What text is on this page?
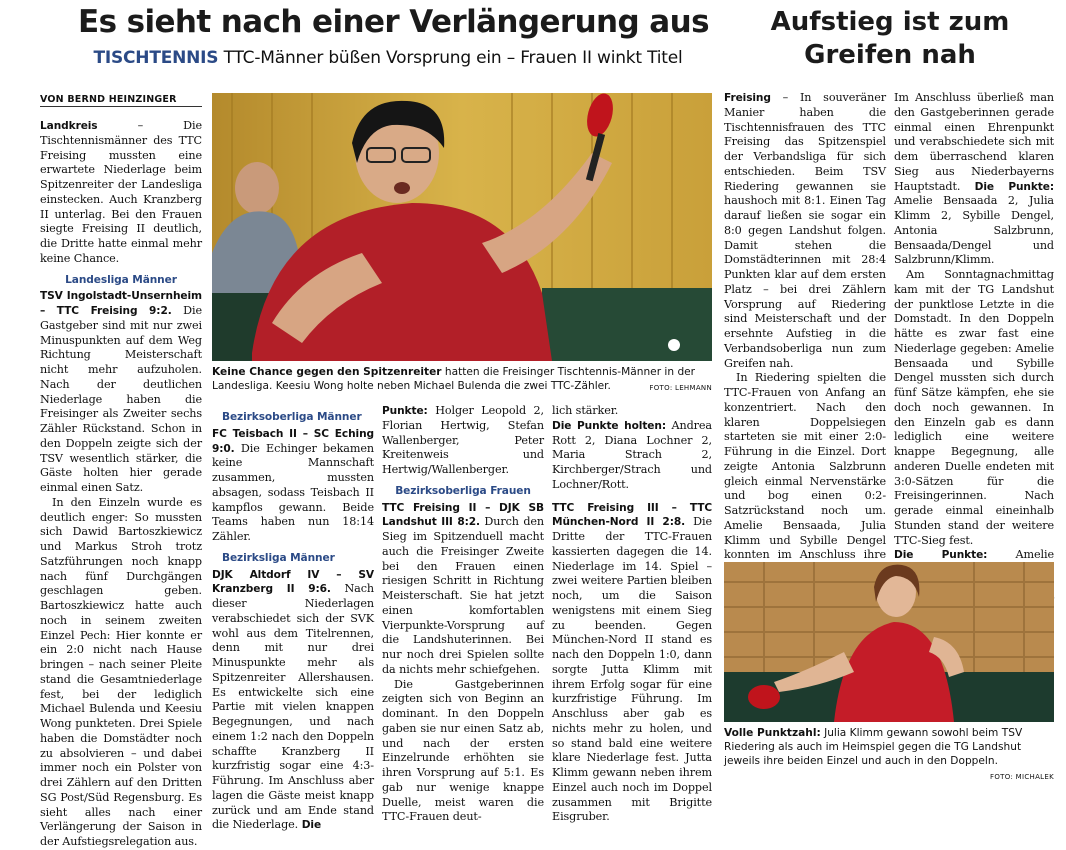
Es sieht nach einer Verlängerung aus
TISCHTENNIS TTC-Männer büßen Vorsprung ein – Frauen II winkt Titel
Aufstieg ist zum
Greifen nah
VON BERND HEINZINGER

Landkreis – Die Tischtennismänner des TTC Freising mussten eine erwartete Niederlage beim Spitzenreiter der Landesliga einstecken. Auch Kranzberg II unterlag. Bei den Frauen siegte Freising II deutlich, die Dritte hatte einmal mehr keine Chance.

Landesliga Männer

TSV Ingolstadt-Unsernheim – TTC Freising 9:2. Die Gastgeber sind mit nur zwei Minuspunkten auf dem Weg Richtung Meisterschaft nicht mehr aufzuholen. Nach der deutlichen Niederlage haben die Freisinger als Zweiter sechs Zähler Rückstand. Schon in den Doppeln zeigte sich der TSV wesentlich stärker, die Gäste holten hier gerade einmal einen Satz.

In den Einzeln wurde es deutlich enger: So mussten sich Dawid Bartoszkiewicz und Markus Stroh trotz Satzführungen noch knapp nach fünf Durchgängen geschlagen geben. Bartoszkiewicz hatte auch noch in seinem zweiten Einzel Pech: Hier konnte er ein 2:0 nicht nach Hause bringen – nach seiner Pleite stand die Gesamtniederlage fest, bei der lediglich Michael Bulenda und Keesiu Wong punkteten. Drei Spiele haben die Domstädter noch zu absolvieren – und dabei immer noch ein Polster von drei Zählern auf den Dritten SG Post/Süd Regensburg. Es sieht alles nach einer Verlängerung der Saison in der Aufstiegsrelegation aus.

Keine Chance gegen den Spitzenreiter hatten die Freisinger Tischtennis-Männer in der Landesliga. Keesiu Wong holte neben Michael Bulenda die zwei TTC-Zähler.	FOTO: LEHMANN

Bezirksoberliga Männer

FC Teisbach II – SC Eching 9:0. Die Echinger bekamen keine Mannschaft zusammen, mussten absagen, sodass Teisbach II kampflos gewann. Beide Teams haben nun 18:14 Zähler.

Bezirksliga Männer

DJK Altdorf IV – SV Kranzberg II 9:6. Nach dieser Niederlagen verabschiedet sich der SVK wohl aus dem Titelrennen, denn mit nur drei Minuspunkte mehr als Spitzenreiter Allershausen. Es entwickelte sich eine Partie mit vielen knappen Begegnungen, und nach einem 1:2 nach den Doppeln schaffte Kranzberg II kurzfristig sogar eine 4:3-Führung. Im Anschluss aber lagen die Gäste meist knapp zurück und am Ende stand die Niederlage. Die

Punkte: Holger Leopold 2, Florian Hertwig, Stefan Wallenberger, Peter Kreitenweis und Hertwig/Wallenberger.

Bezirksoberliga Frauen

TTC Freising II – DJK SB Landshut III 8:2. Durch den Sieg im Spitzenduell macht auch die Freisinger Zweite bei den Frauen einen riesigen Schritt in Richtung Meisterschaft. Sie hat jetzt einen komfortablen Vierpunkte-Vorsprung auf die Landshuterinnen. Bei nur noch drei Spielen sollte da nichts mehr schiefgehen.

Die Gastgeberinnen zeigten sich von Beginn an dominant. In den Doppeln gaben sie nur einen Satz ab, und nach der ersten Einzelrunde erhöhten sie ihren Vorsprung auf 5:1. Es gab nur wenige knappe Duelle, meist waren die TTC-Frauen deut-

lich stärker.

Die Punkte holten: Andrea Rott 2, Diana Lochner 2, Maria Strach 2, Kirchberger/Strach und Lochner/Rott.

TTC Freising III – TTC München-Nord II 2:8. Die Dritte der TTC-Frauen kassierten dagegen die 14. Niederlage im 14. Spiel – zwei weitere Partien bleiben noch, um die Saison wenigstens mit einem Sieg zu beenden. Gegen München-Nord II stand es nach den Doppeln 1:0, dann sorgte Jutta Klimm mit ihrem Erfolg sogar für eine kurzfristige Führung. Im Anschluss aber gab es nichts mehr zu holen, und so stand bald eine weitere klare Niederlage fest. Jutta Klimm gewann neben ihrem Einzel auch noch im Doppel zusammen mit Brigitte Eisgruber.

Freising – In souveräner Manier haben die Tischtennisfrauen des TTC Freising das Spitzenspiel der Verbandsliga für sich entschieden. Beim TSV Riedering gewannen sie haushoch mit 8:1. Einen Tag darauf ließen sie sogar ein 8:0 gegen Landshut folgen. Damit stehen die Domstädterinnen mit 28:4 Punkten klar auf dem ersten Platz – bei drei Zählern Vorsprung auf Riedering sind Meisterschaft und der ersehnte Aufstieg in die Verbandsoberliga nun zum Greifen nah.

In Riedering spielten die TTC-Frauen von Anfang an konzentriert. Nach den klaren Doppelsiegen starteten sie mit einer 2:0-Führung in die Einzel. Dort zeigte Antonia Salzbrunn gleich einmal Nervenstärke und bog einen 0:2-Satzrückstand noch um. Amelie Bensaada, Julia Klimm und Sybille Dengel konnten im Anschluss ihre

Im Anschluss überließ man den Gastgeberinnen gerade einmal einen Ehrenpunkt und verabschiedete sich mit dem überraschend klaren Sieg aus Niederbayerns Hauptstadt. Die Punkte: Amelie Bensaada 2, Julia Klimm 2, Sybille Dengel, Antonia Salzbrunn, Bensaada/Dengel und Salzbrunn/Klimm.

Am Sonntagnachmittag kam mit der TG Landshut der punktlose Letzte in die Domstadt. In den Doppeln hätte es zwar fast eine Niederlage gegeben: Amelie Bensaada und Sybille Dengel mussten sich durch fünf Sätze kämpfen, ehe sie doch noch gewannen. In den Einzeln gab es dann lediglich eine weitere knappe Begegnung, alle anderen Duelle endeten mit 3:0-Sätzen für die Freisingerinnen. Nach gerade einmal eineinhalb Stunden stand der weitere TTC-Sieg fest.

Die Punkte:	Amelie

Volle Punktzahl: Julia Klimm gewann sowohl beim TSV Riedering als auch im Heimspiel gegen die TG Landshut jeweils ihre beiden Einzel und auch in den Doppeln.
FOTO: MICHALEK
